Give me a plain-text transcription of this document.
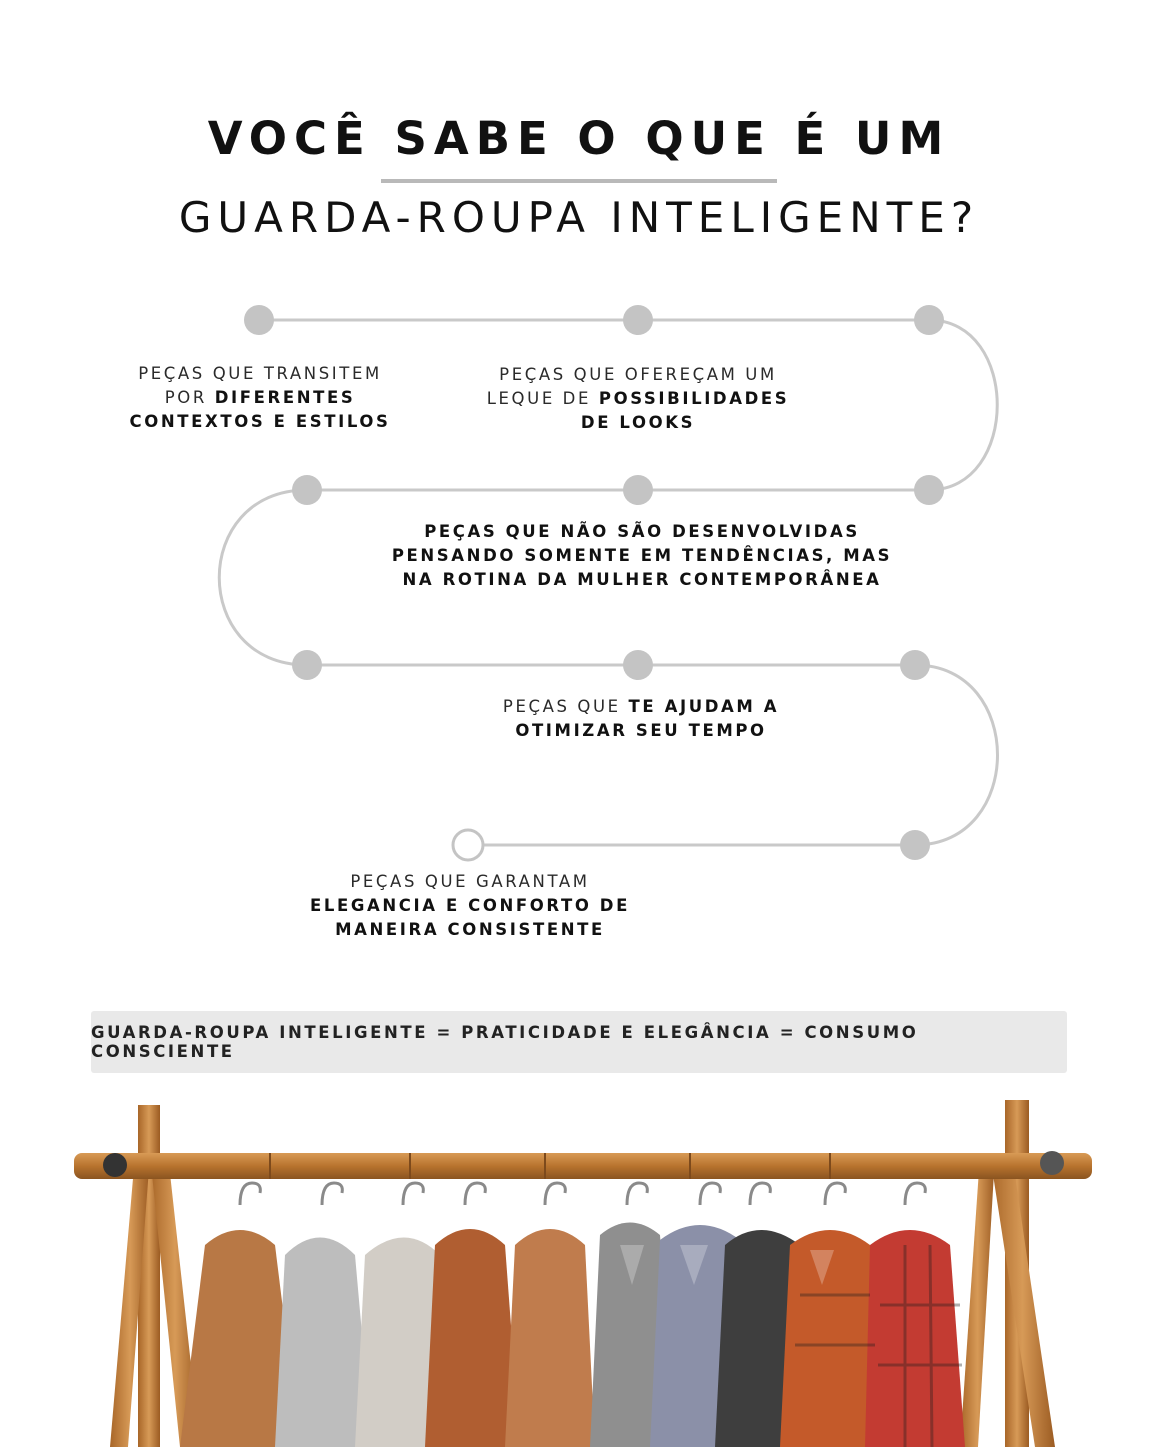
VOCÊ SABE O QUE É UM
GUARDA-ROUPA INTELIGENTE?
PEÇAS QUE TRANSITEM
POR DIFERENTES
CONTEXTOS E ESTILOS
PEÇAS QUE OFEREÇAM UM
LEQUE DE POSSIBILIDADES
DE LOOKS
PEÇAS QUE NÃO SÃO DESENVOLVIDAS
PENSANDO SOMENTE EM TENDÊNCIAS, MAS
NA ROTINA DA MULHER CONTEMPORÂNEA
PEÇAS QUE TE AJUDAM A
OTIMIZAR SEU TEMPO
PEÇAS QUE GARANTAM
ELEGANCIA E CONFORTO DE
MANEIRA CONSISTENTE
GUARDA-ROUPA INTELIGENTE = PRATICIDADE E ELEGÂNCIA = CONSUMO CONSCIENTE
